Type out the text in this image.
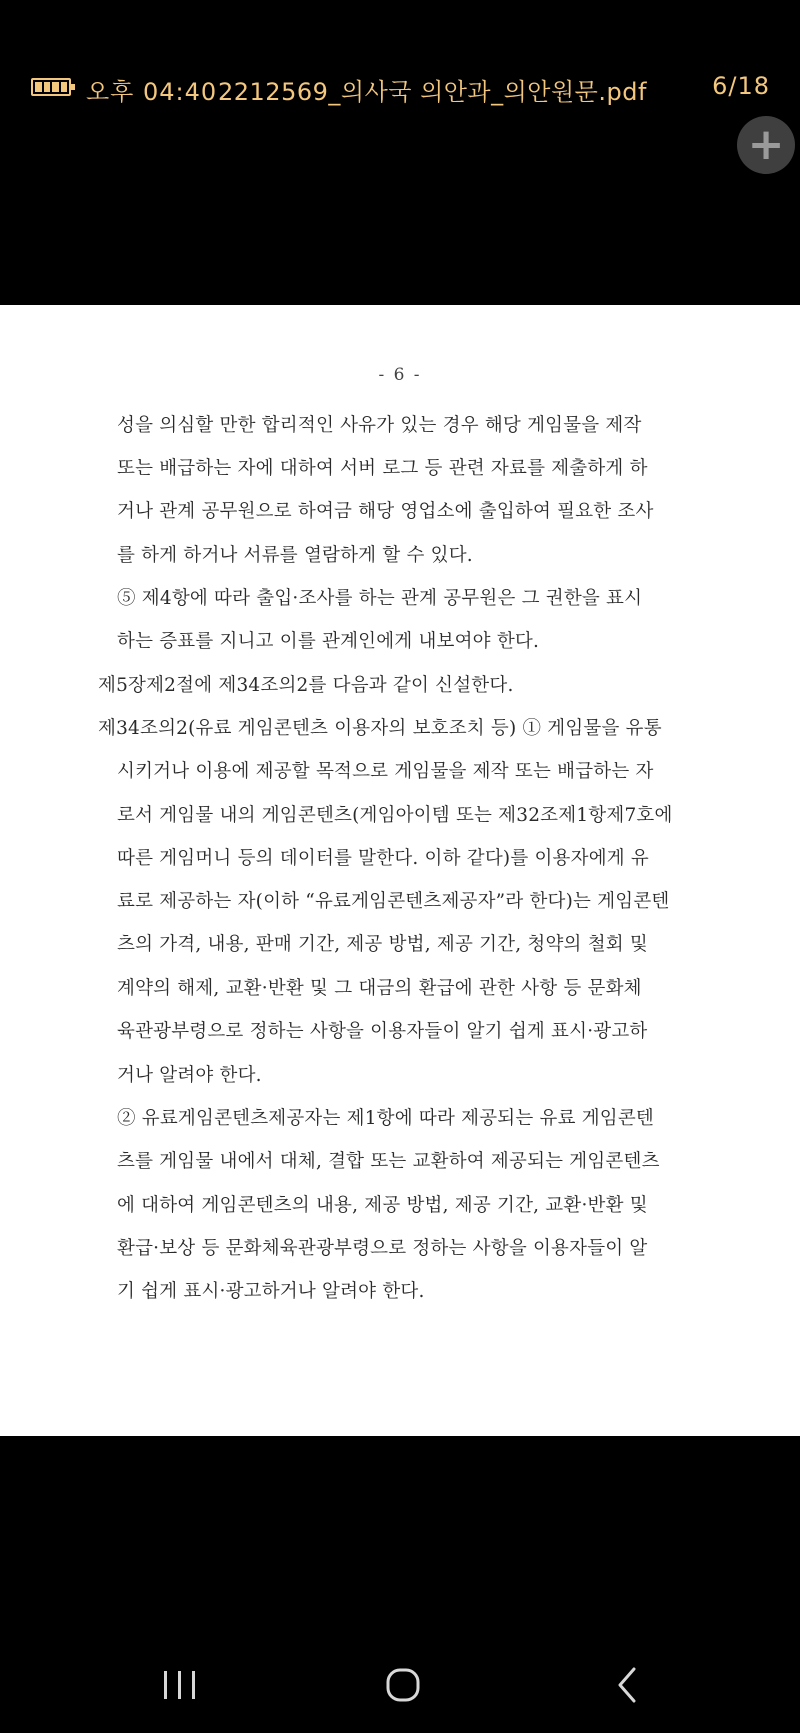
오후 04:40 2212569_의사국 의안과_의안원문.pdf	6/18
+
- 6 -
성을 의심할 만한 합리적인 사유가 있는 경우 해당 게임물을 제작
또는 배급하는 자에 대하여 서버 로그 등 관련 자료를 제출하게 하
거나 관계 공무원으로 하여금 해당 영업소에 출입하여 필요한 조사
를 하게 하거나 서류를 열람하게 할 수 있다.
⑤ 제4항에 따라 출입·조사를 하는 관계 공무원은 그 권한을 표시
하는 증표를 지니고 이를 관계인에게 내보여야 한다.
제5장제2절에 제34조의2를 다음과 같이 신설한다.
제34조의2(유료 게임콘텐츠 이용자의 보호조치 등) ① 게임물을 유통
시키거나 이용에 제공할 목적으로 게임물을 제작 또는 배급하는 자
로서 게임물 내의 게임콘텐츠(게임아이템 또는 제32조제1항제7호에
따른 게임머니 등의 데이터를 말한다. 이하 같다)를 이용자에게 유
료로 제공하는 자(이하 “유료게임콘텐츠제공자”라 한다)는 게임콘텐
츠의 가격, 내용, 판매 기간, 제공 방법, 제공 기간, 청약의 철회 및
계약의 해제, 교환·반환 및 그 대금의 환급에 관한 사항 등 문화체
육관광부령으로 정하는 사항을 이용자들이 알기 쉽게 표시·광고하
거나 알려야 한다.
② 유료게임콘텐츠제공자는 제1항에 따라 제공되는 유료 게임콘텐
츠를 게임물 내에서 대체, 결합 또는 교환하여 제공되는 게임콘텐츠
에 대하여 게임콘텐츠의 내용, 제공 방법, 제공 기간, 교환·반환 및
환급·보상 등 문화체육관광부령으로 정하는 사항을 이용자들이 알
기 쉽게 표시·광고하거나 알려야 한다.
